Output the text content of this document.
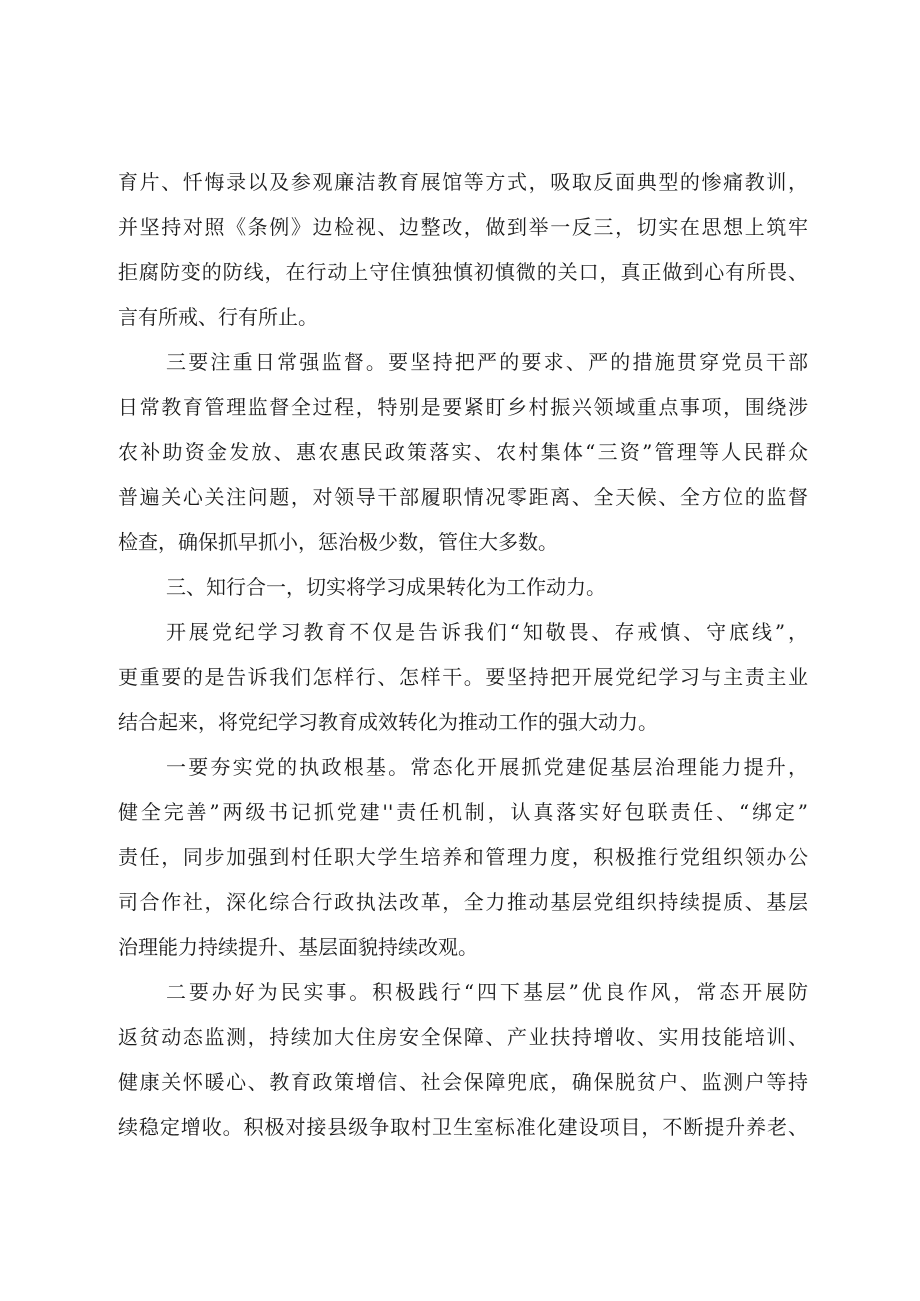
育片、忏悔录以及参观廉洁教育展馆等方式，吸取反面典型的惨痛教训，
并坚持对照《条例》边检视、边整改，做到举一反三，切实在思想上筑牢
拒腐防变的防线，在行动上守住慎独慎初慎微的关口，真正做到心有所畏、
言有所戒、行有所止。
三要注重日常强监督。要坚持把严的要求、严的措施贯穿党员干部
日常教育管理监督全过程，特别是要紧盯乡村振兴领域重点事项，围绕涉
农补助资金发放、惠农惠民政策落实、农村集体“三资”管理等人民群众
普遍关心关注问题，对领导干部履职情况零距离、全天候、全方位的监督
检查，确保抓早抓小，惩治极少数，管住大多数。
三、知行合一，切实将学习成果转化为工作动力。
开展党纪学习教育不仅是告诉我们“知敬畏、存戒慎、守底线”，
更重要的是告诉我们怎样行、怎样干。要坚持把开展党纪学习与主责主业
结合起来，将党纪学习教育成效转化为推动工作的强大动力。
一要夯实党的执政根基。常态化开展抓党建促基层治理能力提升，
健全完善”两级书记抓党建''责任机制，认真落实好包联责任、“绑定”
责任，同步加强到村任职大学生培养和管理力度，积极推行党组织领办公
司合作社，深化综合行政执法改革，全力推动基层党组织持续提质、基层
治理能力持续提升、基层面貌持续改观。
二要办好为民实事。积极践行“四下基层”优良作风，常态开展防
返贫动态监测，持续加大住房安全保障、产业扶持增收、实用技能培训、
健康关怀暖心、教育政策增信、社会保障兜底，确保脱贫户、监测户等持
续稳定增收。积极对接县级争取村卫生室标准化建设项目，不断提升养老、
